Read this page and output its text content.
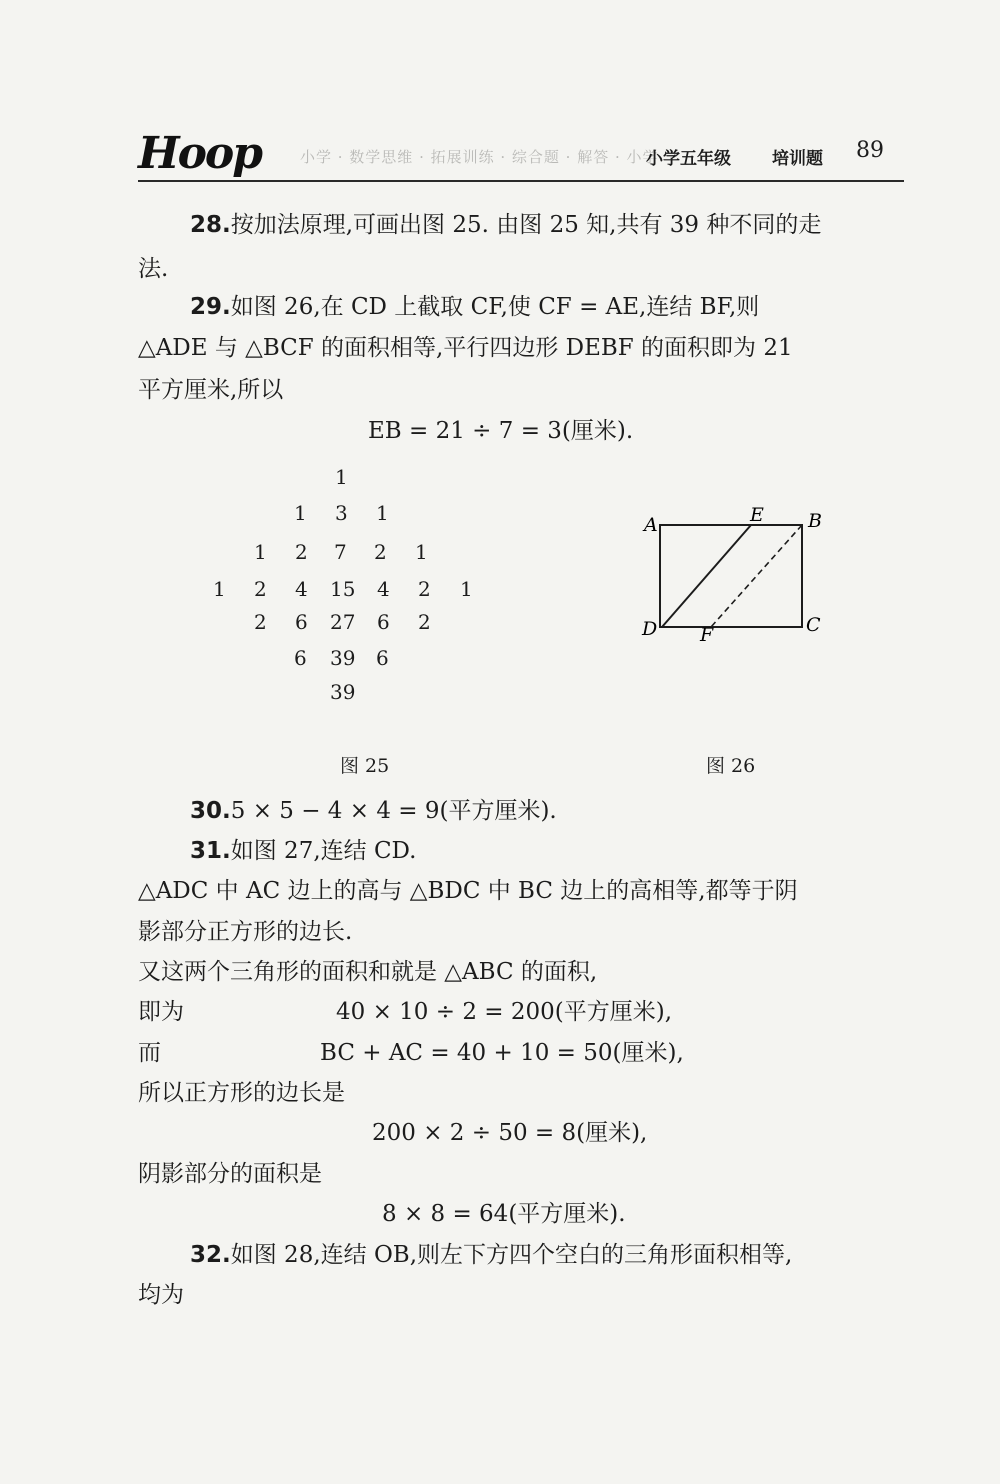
Hoop	小学 · 数学思维 · 拓展训练 · 综合题 · 解答 · 小学
小学五年级 培训题 89
28.按加法原理,可画出图 25. 由图 25 知,共有 39 种不同的走
法.
29.如图 26,在 CD 上截取 CF,使 CF = AE,连结 BF,则
△ADE 与 △BCF 的面积相等,平行四边形 DEBF 的面积即为 21
平方厘米,所以
EB = 21 ÷ 7 = 3(厘米).
1
1 3 1
1 2 7 2 1
1 2 4 15 4 2 1
2 6 27 6 2
6 39 6
39
图 25
A	E B
D F	C
图 26
30.5 × 5 − 4 × 4 = 9(平方厘米).
31.如图 27,连结 CD.
△ADC 中 AC 边上的高与 △BDC 中 BC 边上的高相等,都等于阴
影部分正方形的边长.
又这两个三角形的面积和就是 △ABC 的面积,
即为	40 × 10 ÷ 2 = 200(平方厘米),
而	BC + AC = 40 + 10 = 50(厘米),
所以正方形的边长是
200 × 2 ÷ 50 = 8(厘米),
阴影部分的面积是
8 × 8 = 64(平方厘米).
32.如图 28,连结 OB,则左下方四个空白的三角形面积相等,
均为
